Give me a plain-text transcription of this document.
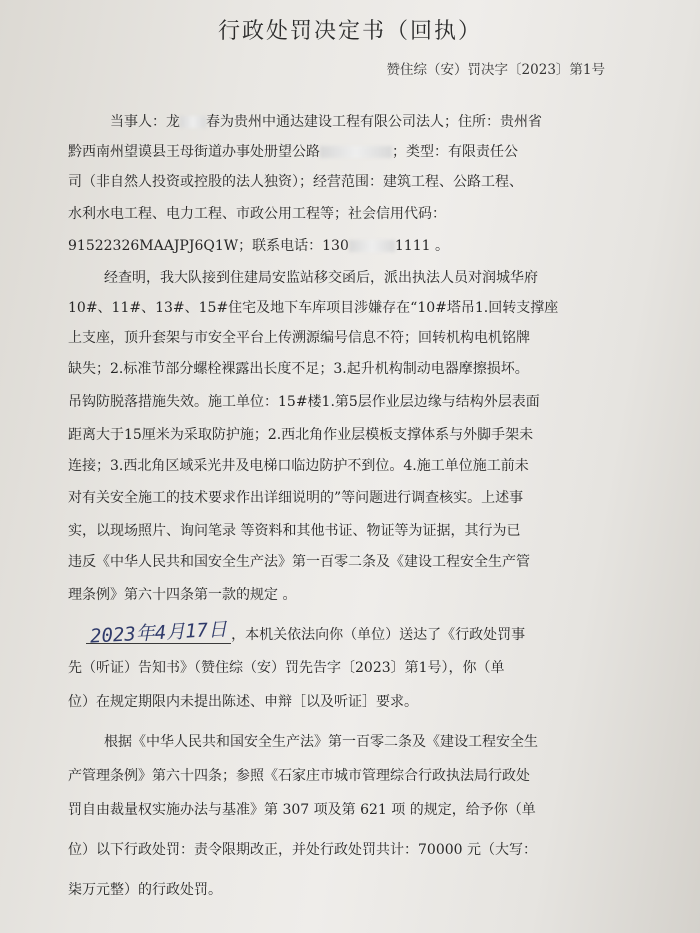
行政处罚决定书（回执）
赞住综（安）罚决字〔2023〕第1号
当事人：龙 春为贵州中通达建设工程有限公司法人；住所：贵州省
黔西南州望谟县王母街道办事处册望公路	；类型：有限责任公
司（非自然人投资或控股的法人独资）；经营范围：建筑工程、公路工程、
水利水电工程、电力工程、市政公用工程等；社会信用代码：
91522326MAAJPJ6Q1W；联系电话：130	1111 。
经查明，我大队接到住建局安监站移交函后，派出执法人员对润城华府
10#、11#、13#、15#住宅及地下车库项目涉嫌存在“10#塔吊1.回转支撑座
上支座，顶升套架与市安全平台上传溯源编号信息不符；回转机构电机铭牌
缺失；2.标准节部分螺栓裸露出长度不足；3.起升机构制动电器摩擦损坏。
吊钩防脱落措施失效。施工单位：15#楼1.第5层作业层边缘与结构外层表面
距离大于15厘米为采取防护施；2.西北角作业层模板支撑体系与外脚手架未
连接；3.西北角区域采光井及电梯口临边防护不到位。4.施工单位施工前未
对有关安全施工的技术要求作出详细说明的”等问题进行调查核实。上述事
实，以现场照片、询问笔录 等资料和其他书证、物证等为证据，其行为已
违反《中华人民共和国安全生产法》第一百零二条及《建设工程安全生产管
理条例》第六十四条第一款的规定 。
2023年4月17日 ，本机关依法向你（单位）送达了《行政处罚事
先（听证）告知书》（赞住综（安）罚先告字〔2023〕第1号），你（单
位）在规定期限内未提出陈述、申辩［以及听证］要求。
根据《中华人民共和国安全生产法》第一百零二条及《建设工程安全生
产管理条例》第六十四条；参照《石家庄市城市管理综合行政执法局行政处
罚自由裁量权实施办法与基准》第 307 项及第 621 项 的规定，给予你（单
位）以下行政处罚：责令限期改正，并处行政处罚共计：70000 元（大写：
柒万元整）的行政处罚。
